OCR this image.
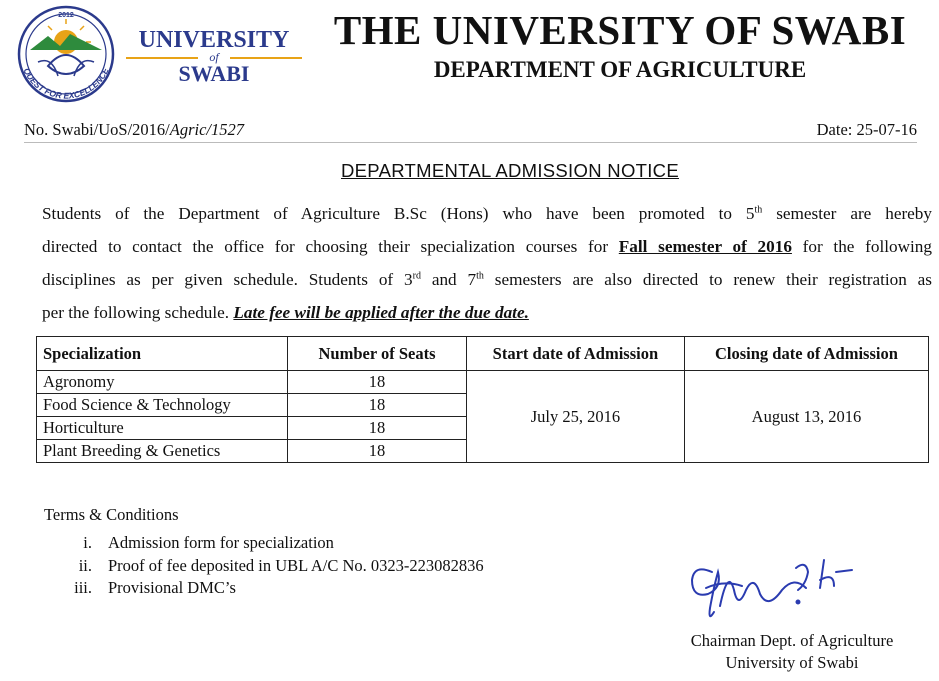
2012
QUEST FOR EXCELLENCE
UNIVERSITY
of
SWABI
THE UNIVERSITY OF SWABI
DEPARTMENT OF AGRICULTURE
No. Swabi/UoS/2016/Agric/1527	Date: 25-07-16
DEPARTMENTAL ADMISSION NOTICE
Students of the Department of Agriculture B.Sc (Hons) who have been promoted to 5th semester are hereby
directed to contact the office for choosing their specialization courses for Fall semester of 2016 for the following
disciplines as per given schedule. Students of 3rd and 7th semesters are also directed to renew their registration as
per the following schedule. Late fee will be applied after the due date.
Specialization	Number of Seats	Start date of Admission	Closing date of Admission
Agronomy	18	July 25, 2016	August 13, 2016
Food Science & Technology	18		
Horticulture	18		
Plant Breeding & Genetics	18		
Terms & Conditions
i. Admission form for specialization
ii. Proof of fee deposited in UBL A/C No. 0323-223082836
iii. Provisional DMC’s
Chairman Dept. of Agriculture
University of Swabi
